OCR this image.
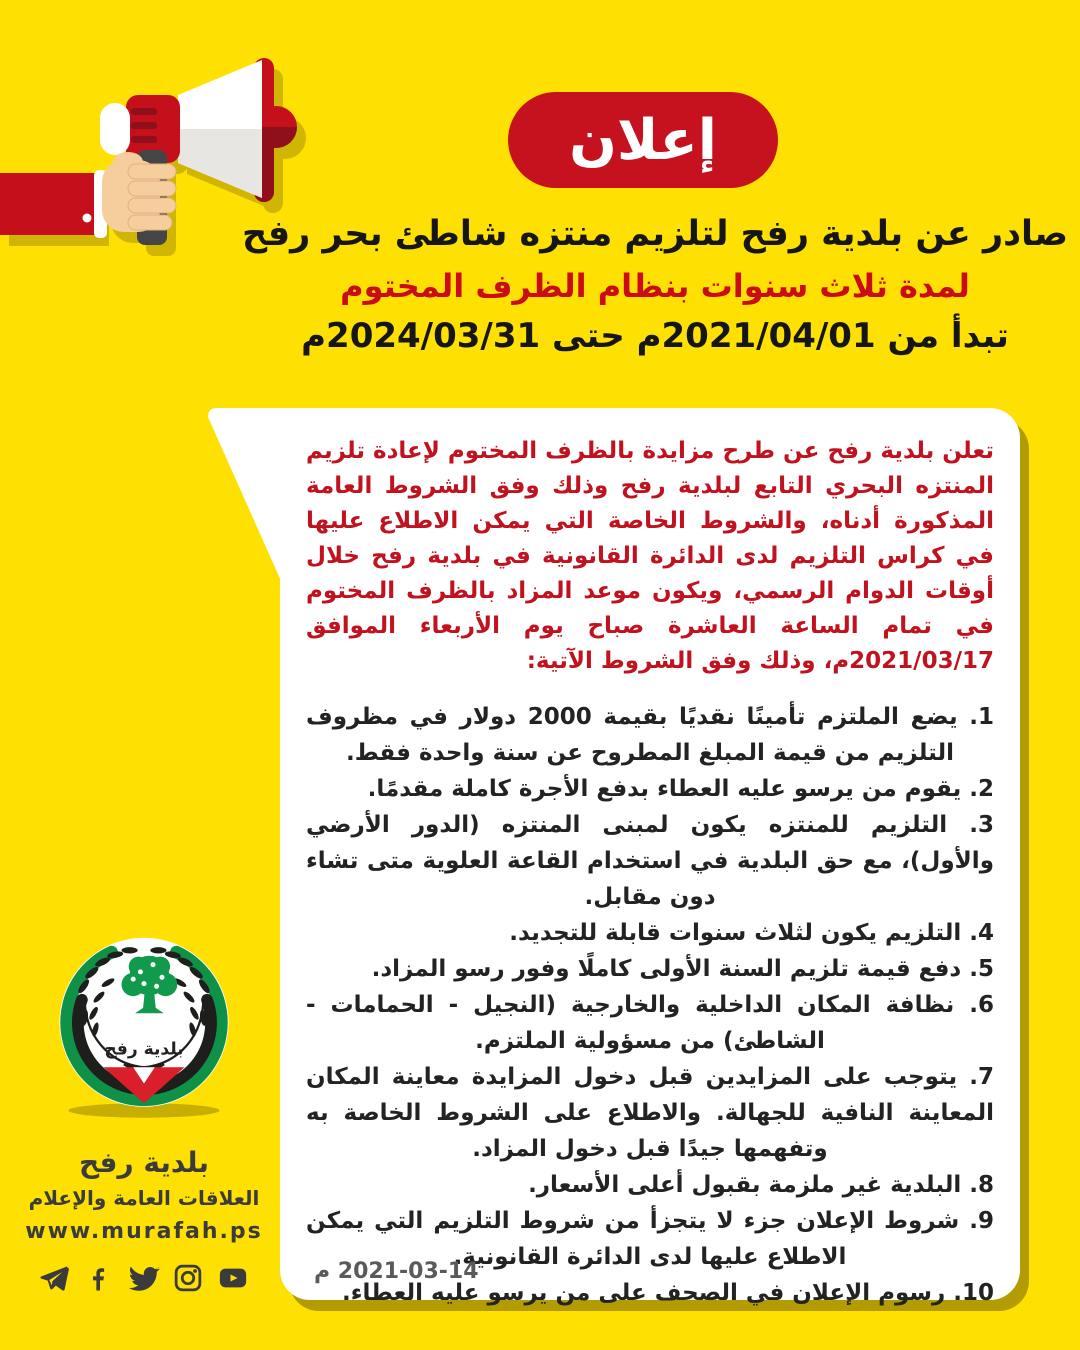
إعلان
صادر عن بلدية رفح لتلزيم منتزه شاطئ بحر رفح
لمدة ثلاث سنوات بنظام الظرف المختوم
تبدأ من 2021/04/01م حتى 2024/03/31م

تعلن بلدية رفح عن طرح مزايدة بالظرف المختوم لإعادة تلزيم المنتزه البحري التابع لبلدية رفح وذلك وفق الشروط العامة المذكورة أدناه، والشروط الخاصة التي يمكن الاطلاع عليها في كراس التلزيم لدى الدائرة القانونية في بلدية رفح خلال أوقات الدوام الرسمي، ويكون موعد المزاد بالظرف المختوم في تمام الساعة العاشرة صباح يوم الأربعاء الموافق 2021/03/17م، وذلك وفق الشروط الآتية:

1. يضع الملتزم تأمينًا نقديًا بقيمة 2000 دولار في مظروف التلزيم من قيمة المبلغ المطروح عن سنة واحدة فقط.
2. يقوم من يرسو عليه العطاء بدفع الأجرة كاملة مقدمًا.
3. التلزيم للمنتزه يكون لمبنى المنتزه (الدور الأرضي والأول)، مع حق البلدية في استخدام القاعة العلوية متى تشاء دون مقابل.
4. التلزيم يكون لثلاث سنوات قابلة للتجديد.
5. دفع قيمة تلزيم السنة الأولى كاملًا وفور رسو المزاد.
6. نظافة المكان الداخلية والخارجية (النجيل - الحمامات - الشاطئ) من مسؤولية الملتزم.
7. يتوجب على المزايدين قبل دخول المزايدة معاينة المكان المعاينة النافية للجهالة. والاطلاع على الشروط الخاصة به وتفهمها جيدًا قبل دخول المزاد.
8. البلدية غير ملزمة بقبول أعلى الأسعار.
9. شروط الإعلان جزء لا يتجزأ من شروط التلزيم التي يمكن الاطلاع عليها لدى الدائرة القانونية.
10. رسوم الإعلان في الصحف على من يرسو عليه العطاء.
2021-03-14 م
بلدية رفح
بلدية رفح
العلاقات العامة والإعلام
www.murafah.ps
